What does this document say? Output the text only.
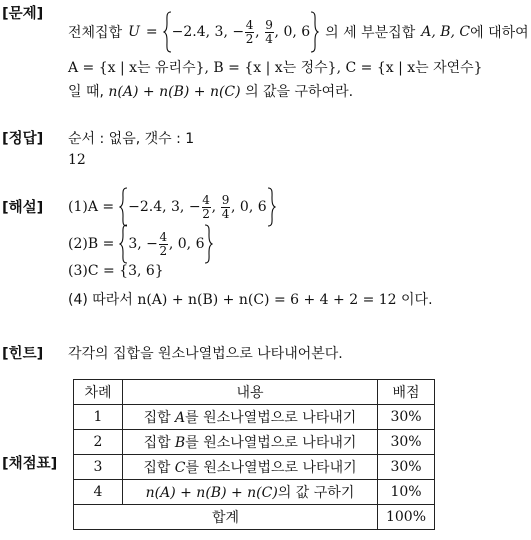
[문제]
전체집합 U = −2.4, 3, − 4
2 , 9
4 , 0, 6 의 세 부분집합 A, B, C 에 대하여
A = {x | x는 유리수}, B = {x | x는 정수}, C = {x | x는 자연수}
일 때, n(A) + n(B) + n(C) 의 값을 구하여라.
[정답] 순서 : 없음, 갯수 : 1
12
[해설] (1)A = −2.4, 3, − 4
2 , 9
4 , 0, 6
(2)B = 3, − 4
2 , 0, 6
(3)C = {3, 6}
(4) 따라서 n(A) + n(B) + n(C) = 6 + 4 + 2 = 12 이다.
[힌트] 각각의 집합을 원소나열법으로 나타내어본다.
[채점표]
차례	내용	배점
1	집합 A를 원소나열법으로 나타내기	30%
2	집합 B를 원소나열법으로 나타내기	30%
3	집합 C를 원소나열법으로 나타내기	30%
4	n(A) + n(B) + n(C)의 값 구하기	10%
합계		100%
